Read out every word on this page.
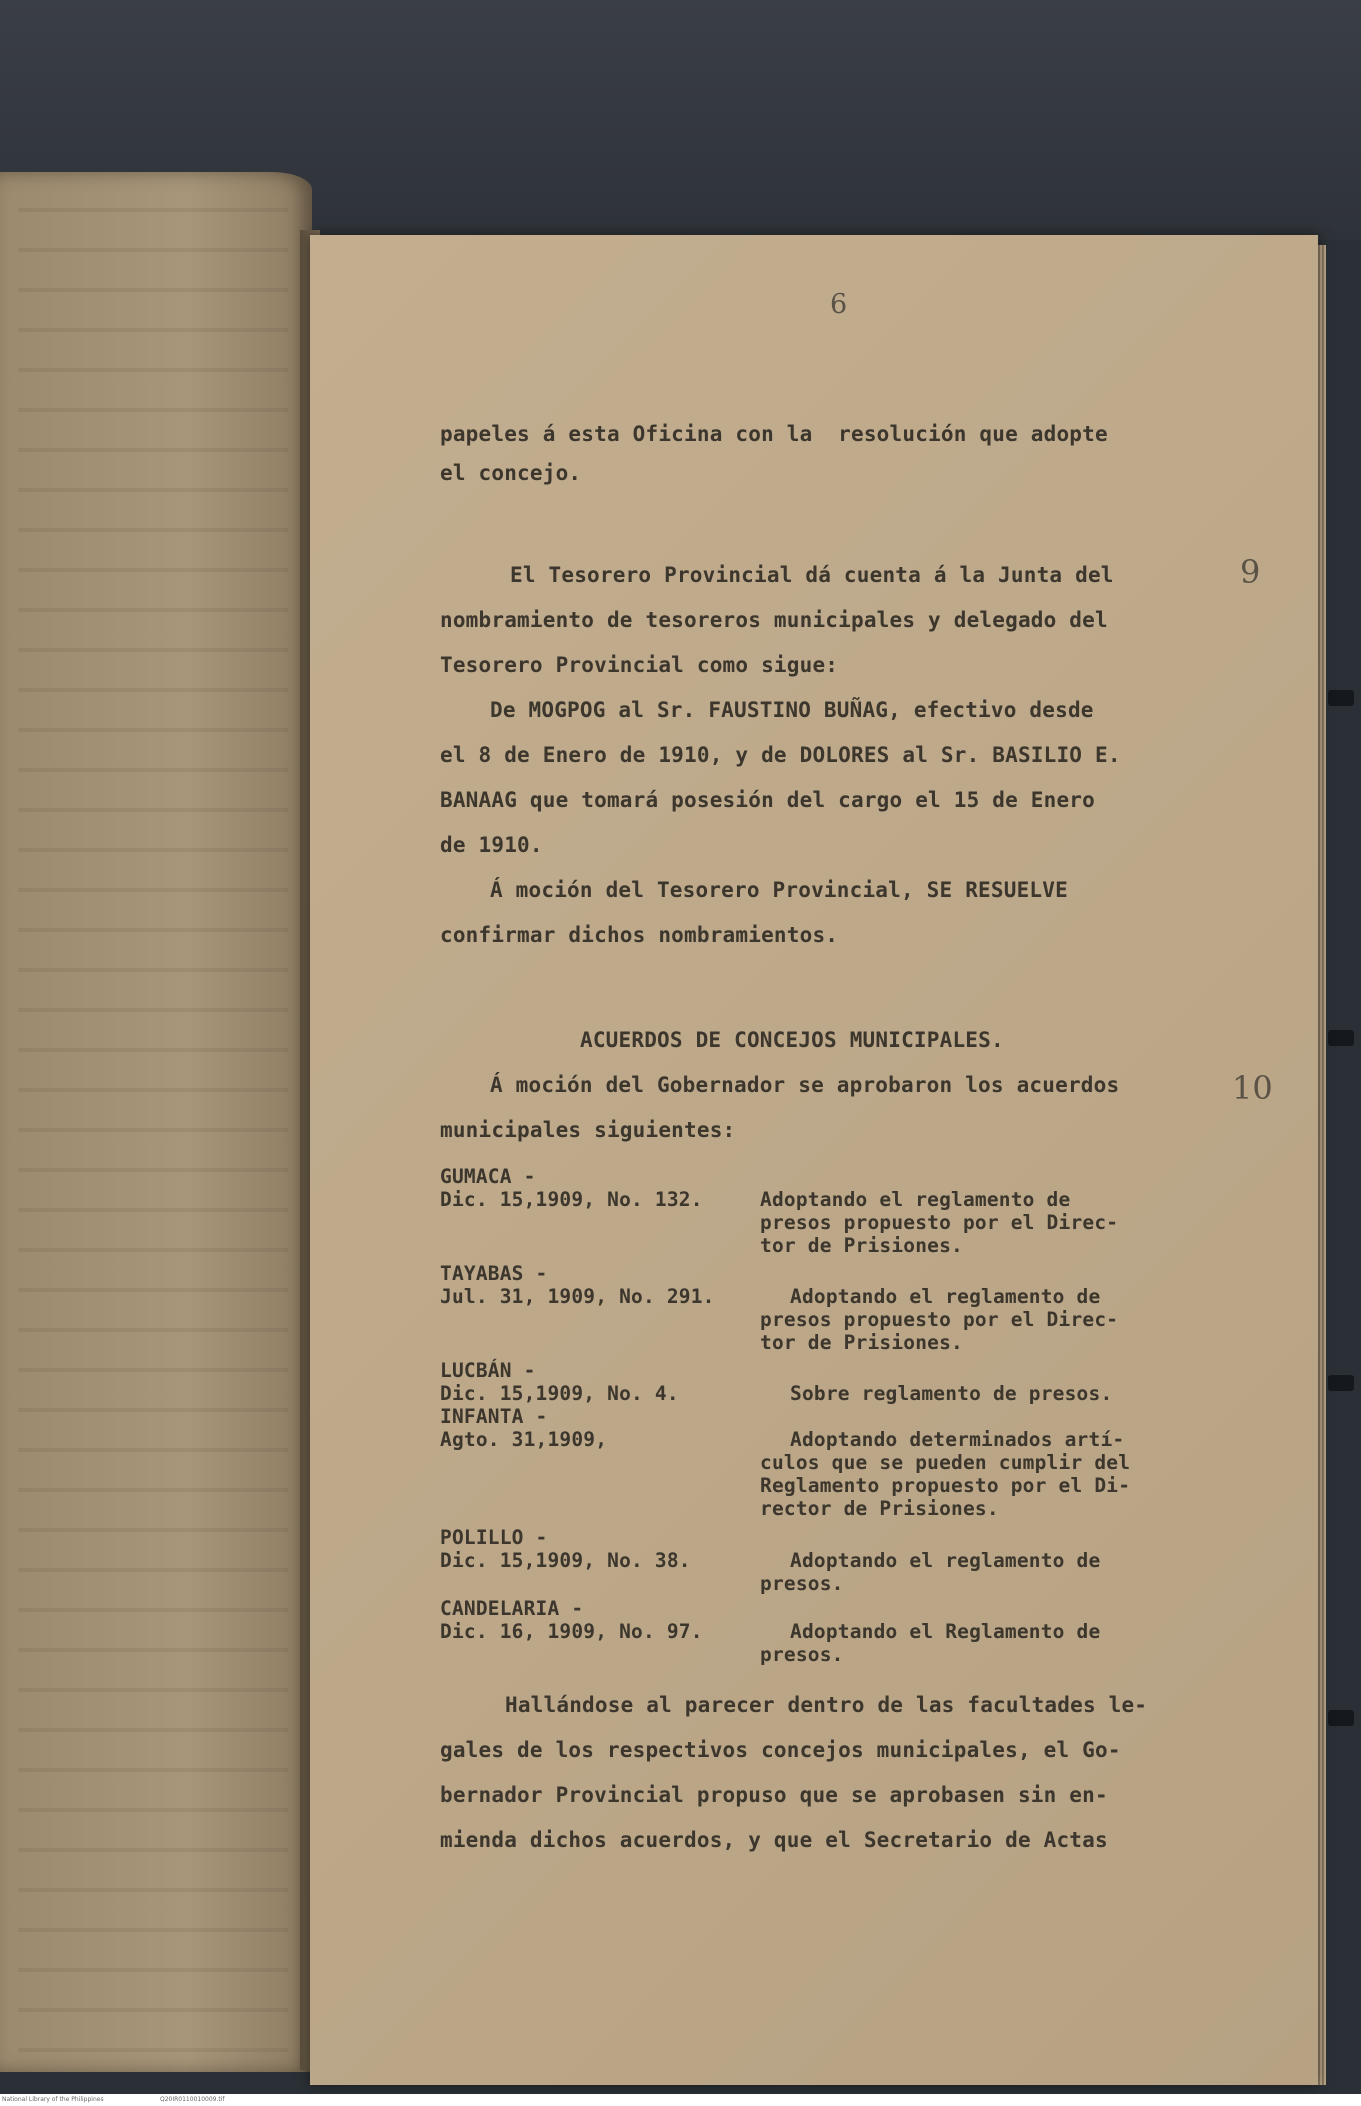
6
9
10
papeles á esta Oficina con la  resolución que adopte
el concejo.
El Tesorero Provincial dá cuenta á la Junta del
nombramiento de tesoreros municipales y delegado del
Tesorero Provincial como sigue:
De MOGPOG al Sr. FAUSTINO BUÑAG, efectivo desde
el 8 de Enero de 1910, y de DOLORES al Sr. BASILIO E.
BANAAG que tomará posesión del cargo el 15 de Enero
de 1910.
Á moción del Tesorero Provincial, SE RESUELVE
confirmar dichos nombramientos.
ACUERDOS DE CONCEJOS MUNICIPALES.
Á moción del Gobernador se aprobaron los acuerdos
municipales siguientes:
GUMACA -
Dic. 15,1909, No. 132.	Adoptando el reglamento de
presos propuesto por el Direc-
tor de Prisiones.
TAYABAS -
Jul. 31, 1909, No. 291.	Adoptando el reglamento de
presos propuesto por el Direc-
tor de Prisiones.
LUCBÁN -
Dic. 15,1909, No. 4.	Sobre reglamento de presos.
INFANTA -
Agto. 31,1909,	Adoptando determinados artí-
culos que se pueden cumplir del
Reglamento propuesto por el Di-
rector de Prisiones.
POLILLO -
Dic. 15,1909, No. 38.	Adoptando el reglamento de
presos.
CANDELARIA -
Dic. 16, 1909, No. 97.	Adoptando el Reglamento de
presos.
Hallándose al parecer dentro de las facultades le-
gales de los respectivos concejos municipales, el Go-
bernador Provincial propuso que se aprobasen sin en-
mienda dichos acuerdos, y que el Secretario de Actas
National Library of the Philippines	Q20IR0110010009.tif
